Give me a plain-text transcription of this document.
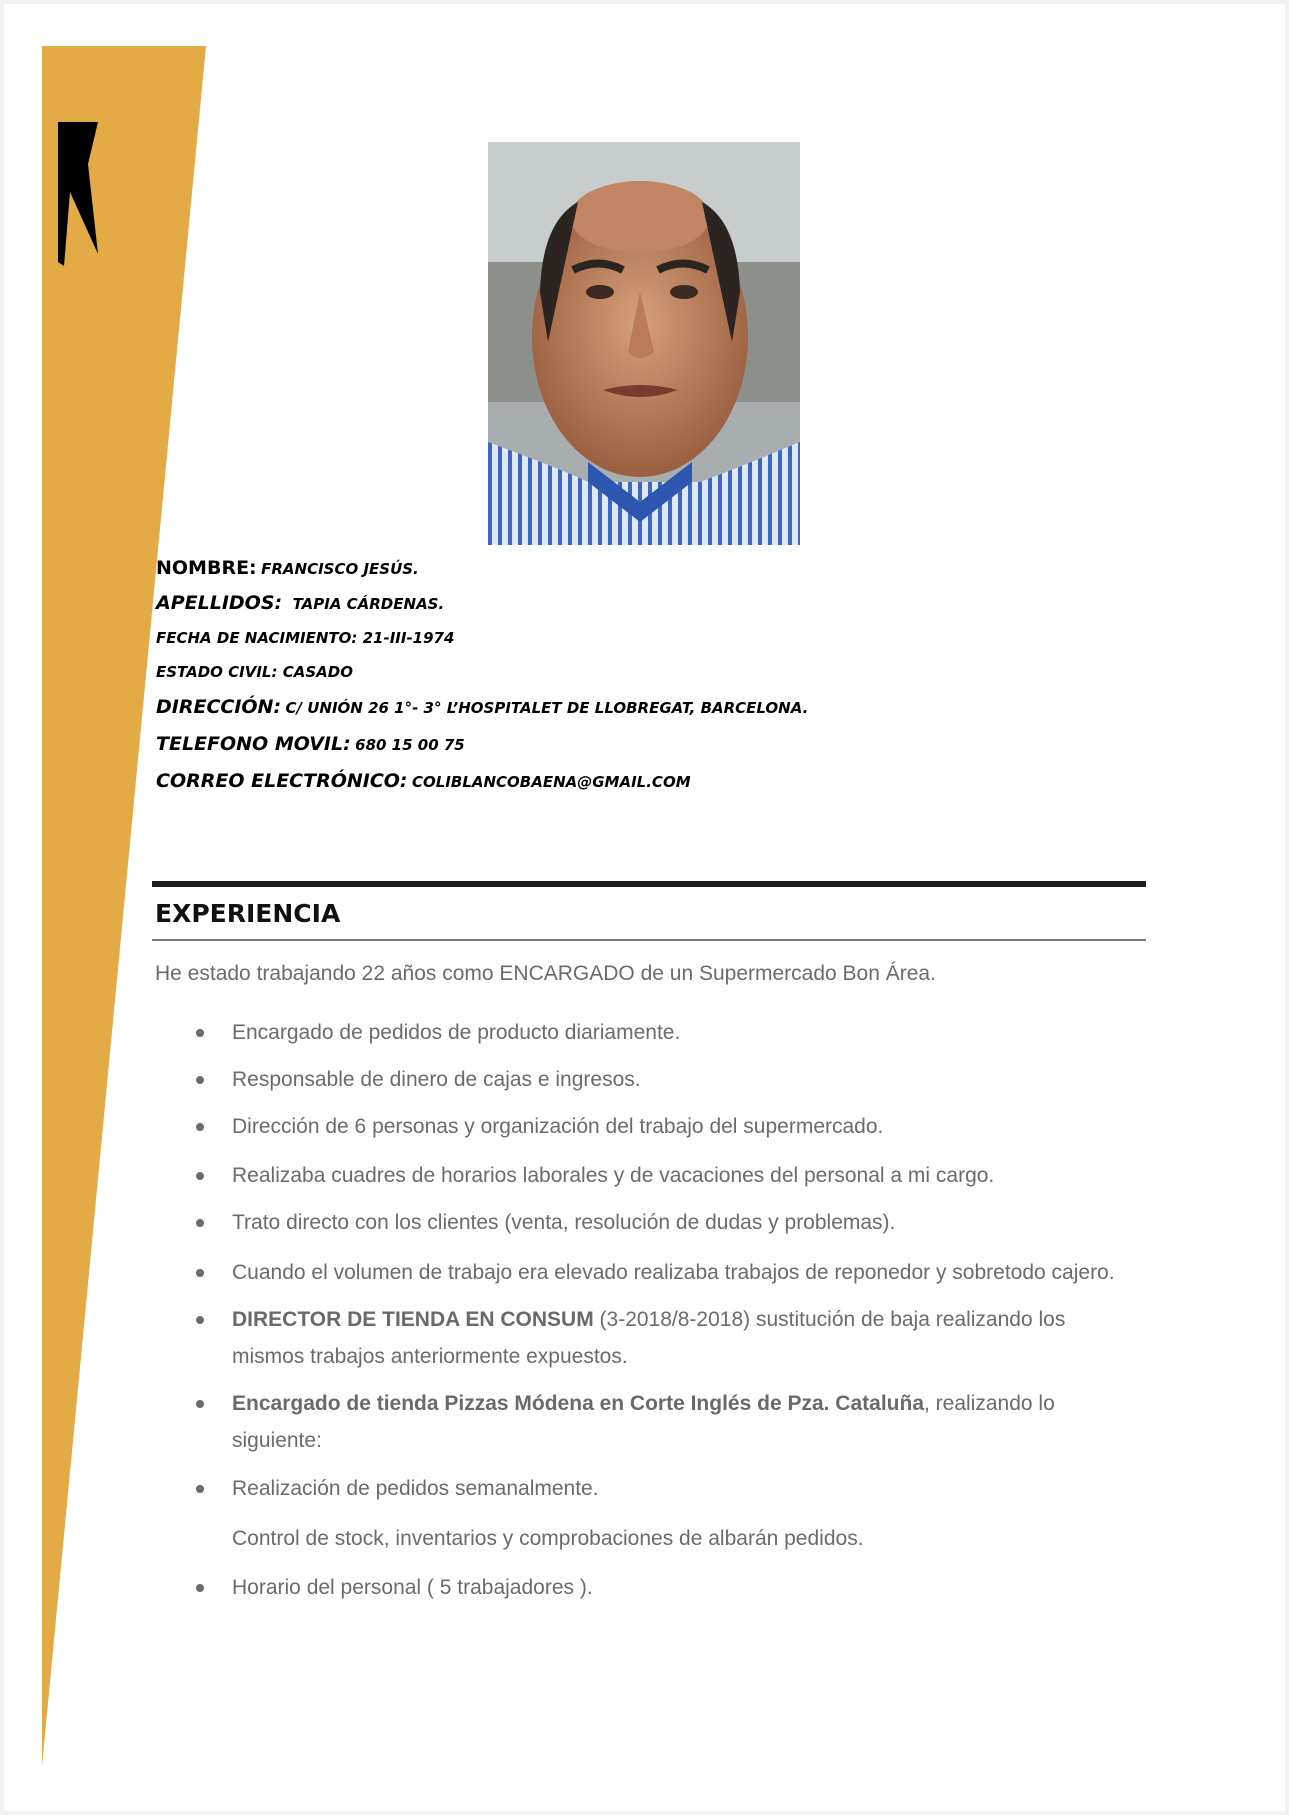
NOMBRE: FRANCISCO JESÚS.
APELLIDOS: TAPIA CÁRDENAS.
FECHA DE NACIMIENTO: 21-III-1974
ESTADO CIVIL: CASADO
DIRECCIÓN: C/ UNIÓN 26 1°- 3° L’HOSPITALET DE LLOBREGAT, BARCELONA.
TELEFONO MOVIL: 680 15 00 75
CORREO ELECTRÓNICO: COLIBLANCOBAENA@GMAIL.COM
EXPERIENCIA
He estado trabajando 22 años como ENCARGADO de un Supermercado Bon Área.
Encargado de pedidos de producto diariamente.
Responsable de dinero de cajas e ingresos.
Dirección de 6 personas y organización del trabajo del supermercado.
Realizaba cuadres de horarios laborales y de vacaciones del personal a mi cargo.
Trato directo con los clientes (venta, resolución de dudas y problemas).
Cuando el volumen de trabajo era elevado realizaba trabajos de reponedor y sobretodo cajero.
DIRECTOR DE TIENDA EN CONSUM (3-2018/8-2018) sustitución de baja realizando los
mismos trabajos anteriormente expuestos.
Encargado de tienda Pizzas Módena en Corte Inglés de Pza. Cataluña, realizando lo
siguiente:
Realización de pedidos semanalmente.
Control de stock, inventarios y comprobaciones de albarán pedidos.
Horario del personal ( 5 trabajadores ).
